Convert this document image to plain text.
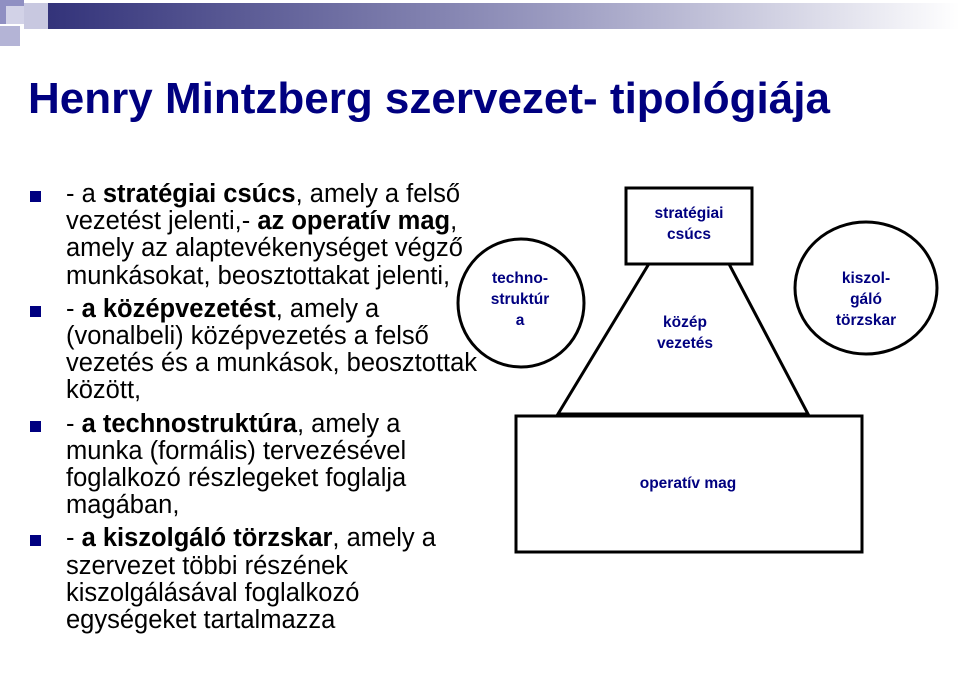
Henry Mintzberg szervezet- tipológiája
- a stratégiai csúcs, amely a felső vezetést jelenti,- az operatív mag, amely az alaptevékenységet végző munkásokat, beosztottakat jelenti,
- a középvezetést, amely a (vonalbeli) középvezetés a felső vezetés és a munkások, beosztottak között,
- a technostruktúra, amely a munka (formális) tervezésével foglalkozó részlegeket foglalja magában,
- a kiszolgáló törzskar, amely a szervezet többi részének kiszolgálásával foglalkozó egységeket tartalmazza
stratégiai
csúcs
közép
vezetés
operatív mag
techno-
struktúr
a
kiszol-
gáló
törzskar
